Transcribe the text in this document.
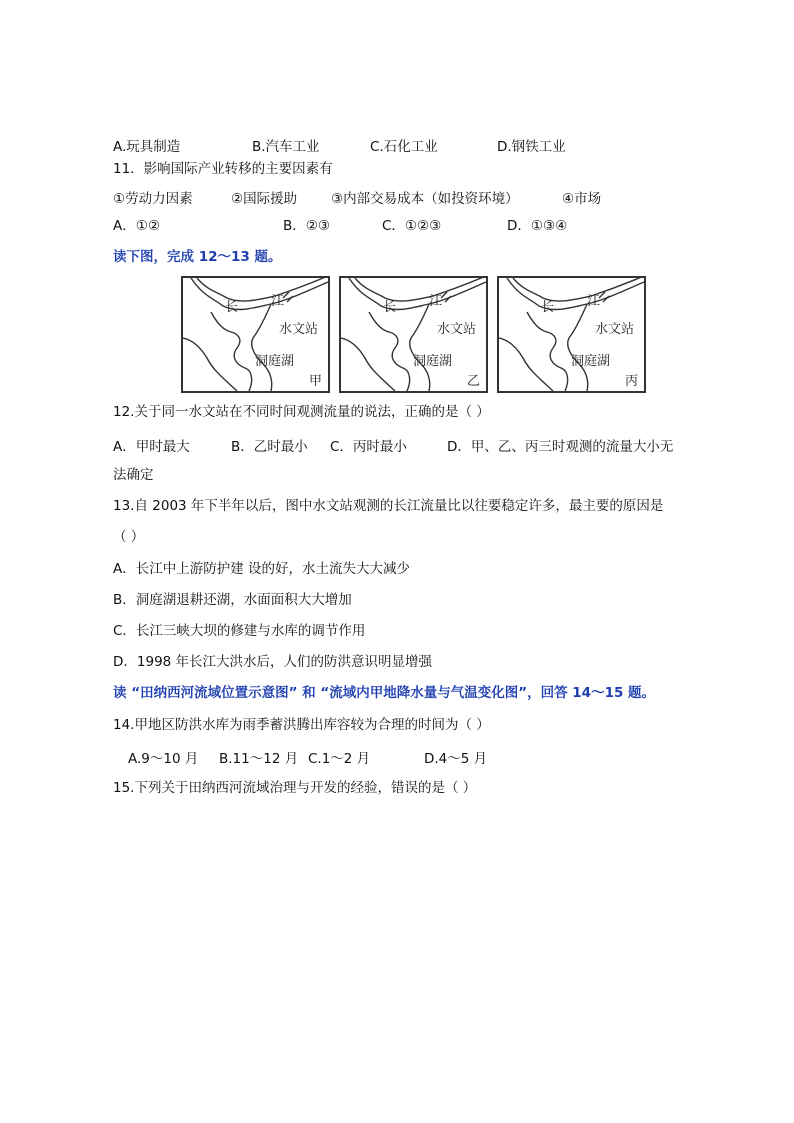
A.玩具制造	B.汽车工业	C.石化工业	D.钢铁工业
11．影响国际产业转移的主要因素有
①劳动力因素	②国际援助	③内部交易成本（如投资环境）	④市场
A．①②	B．②③	C．①②③	D．①③④
读下图，完成 12～13 题。
长	江
水文站
洞庭湖
甲
长	江
水文站
洞庭湖
乙
长	江
水文站
洞庭湖
丙
12.关于同一水文站在不同时间观测流量的说法，正确的是（ ）
A．甲时最大	B．乙时最小 C．丙时最小	D．甲、乙、丙三时观测的流量大小无
法确定
13.自 2003 年下半年以后，图中水文站观测的长江流量比以往要稳定许多，最主要的原因是
（ ）
A．长江中上游防护建 设的好，水土流失大大减少
B．洞庭湖退耕还湖，水面面积大大增加
C．长江三峡大坝的修建与水库的调节作用
D．1998 年长江大洪水后，人们的防洪意识明显增强
读 “田纳西河流域位置示意图” 和 “流域内甲地降水量与气温变化图”，回答 14～15 题。
14.甲地区防洪水库为雨季蓄洪腾出库容较为合理的时间为（ ）
A.9～10 月 B.11～12 月 C.1～2 月	D.4～5 月
15.下列关于田纳西河流域治理与开发的经验，错误的是（ ）
